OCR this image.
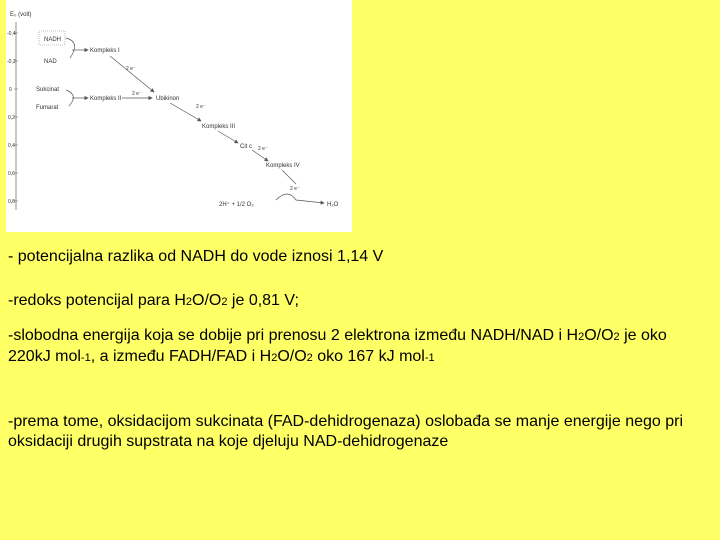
E₀ (volt)
-0,4
-0,2
0
0,2
0,4
0,6
0,8
NADH
NAD
Kompleks I
Sukcinat
Fumarat
Kompleks II
2 e⁻
2 e⁻
Ubikinon
2 e⁻
Kompleks III
Cit c 2 e⁻
Kompleks IV
2 e⁻
2H⁺ + 1/2 O₂	H₂O
- potencijalna razlika od NADH do vode iznosi 1,14 V
-redoks potencijal para H2O/O2 je 0,81 V;
-slobodna energija koja se dobije pri prenosu 2 elektrona između NADH/NAD i H2O/O2 je oko 220kJ mol-1, a između FADH/FAD i H2O/O2 oko 167 kJ mol-1
-prema tome, oksidacijom sukcinata (FAD-dehidrogenaza) oslobađa se manje energije nego pri oksidaciji drugih supstrata na koje djeluju NAD-dehidrogenaze
